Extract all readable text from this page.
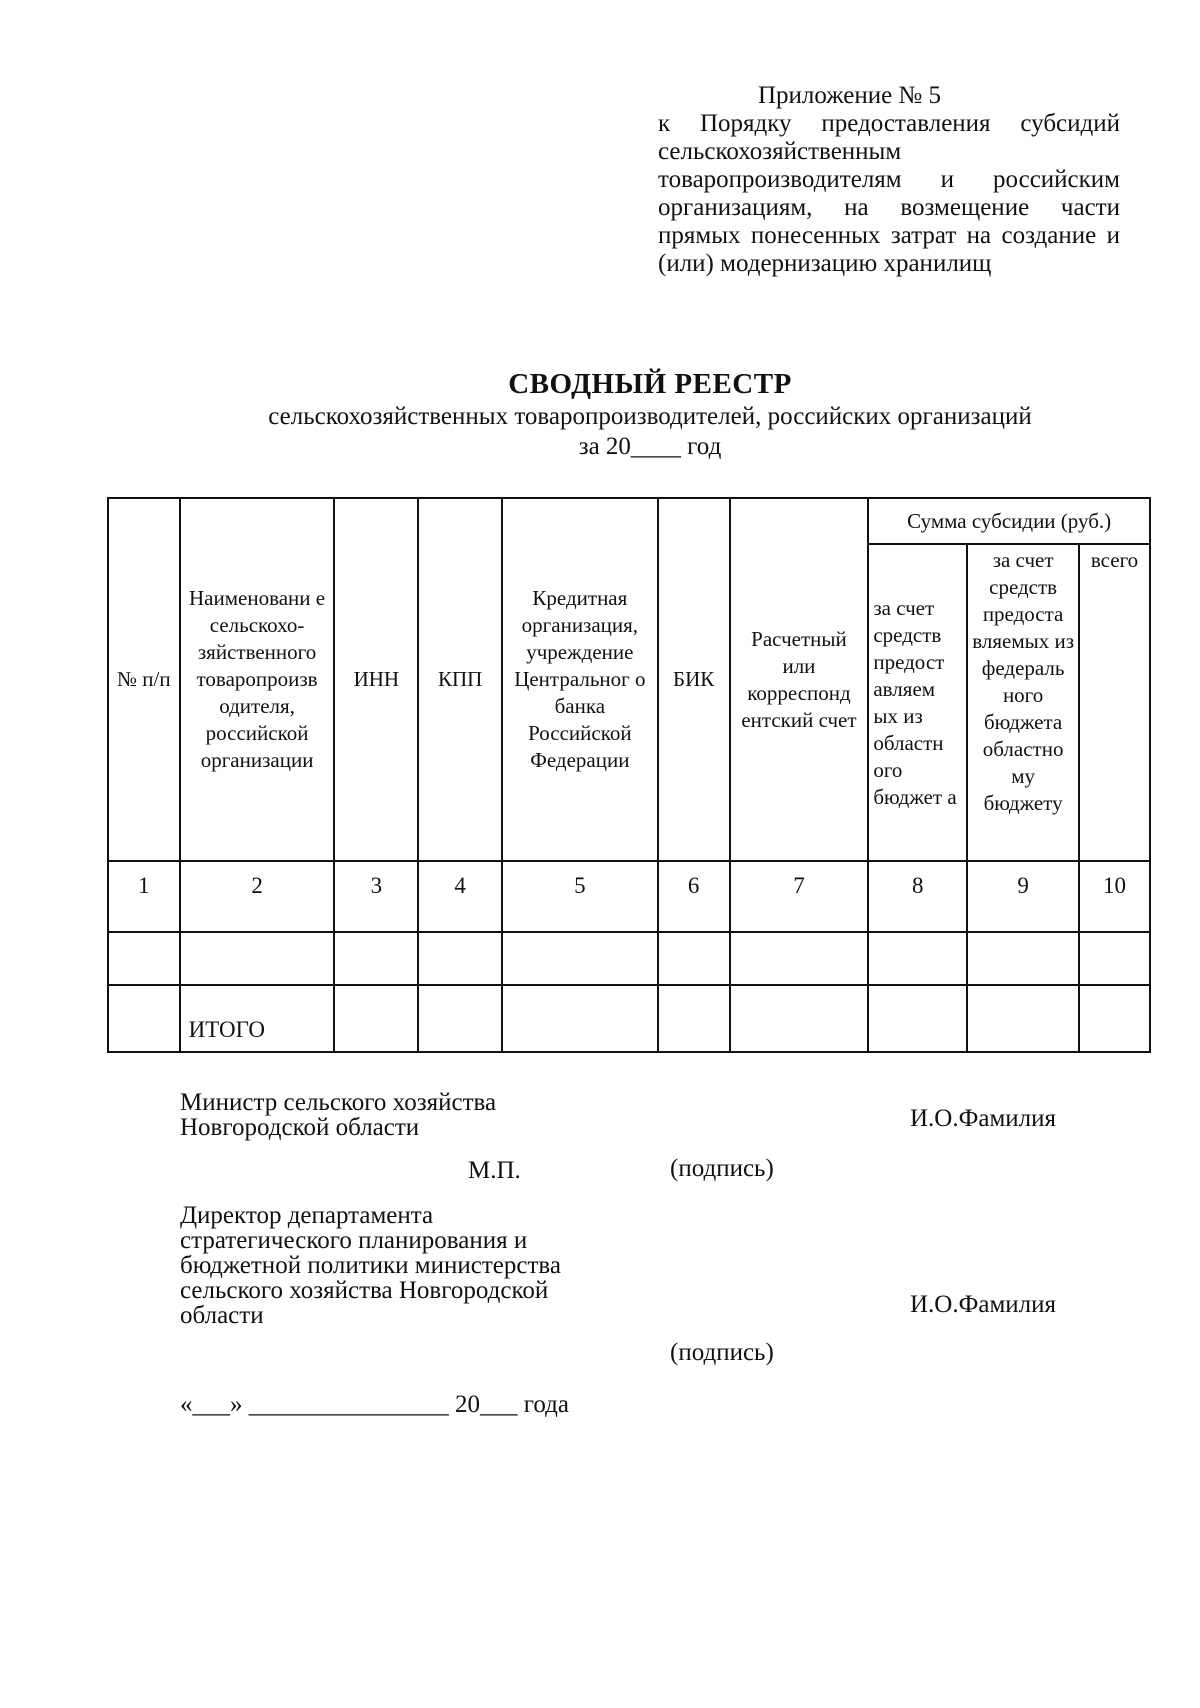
Приложение № 5
к Порядку предоставления субсидий сельскохозяйственным товаропроизводителям и российским организациям, на возмещение части прямых понесенных затрат на создание и (или) модернизацию хранилищ
СВОДНЫЙ РЕЕСТР
сельскохозяйственных товаропроизводителей, российских организаций
за 20____ год
№ п/п	Наименовани е сельскохо-зяйственного товаропроизв одителя, российской организации	ИНН	КПП	Кредитная организация, учреждение Центральног о банка Российской Федерации	БИК	Расчетный или корреспонд ентский счет	Сумма субсидии (руб.)		
							за счет средств предост авляем ых из областн ого бюджет а	за счет средств предоста вляемых из федераль ного бюджета областно му бюджету	всего
1	2	3	4	5	6	7	8	9	10

	ИТОГО								
Министр сельского хозяйства Новгородской области	И.О.Фамилия
М.П.	(подпись)
Директор департамента стратегического планирования и бюджетной политики министерства сельского хозяйства Новгородской области	И.О.Фамилия
(подпись)
«___» ________________ 20___ года
